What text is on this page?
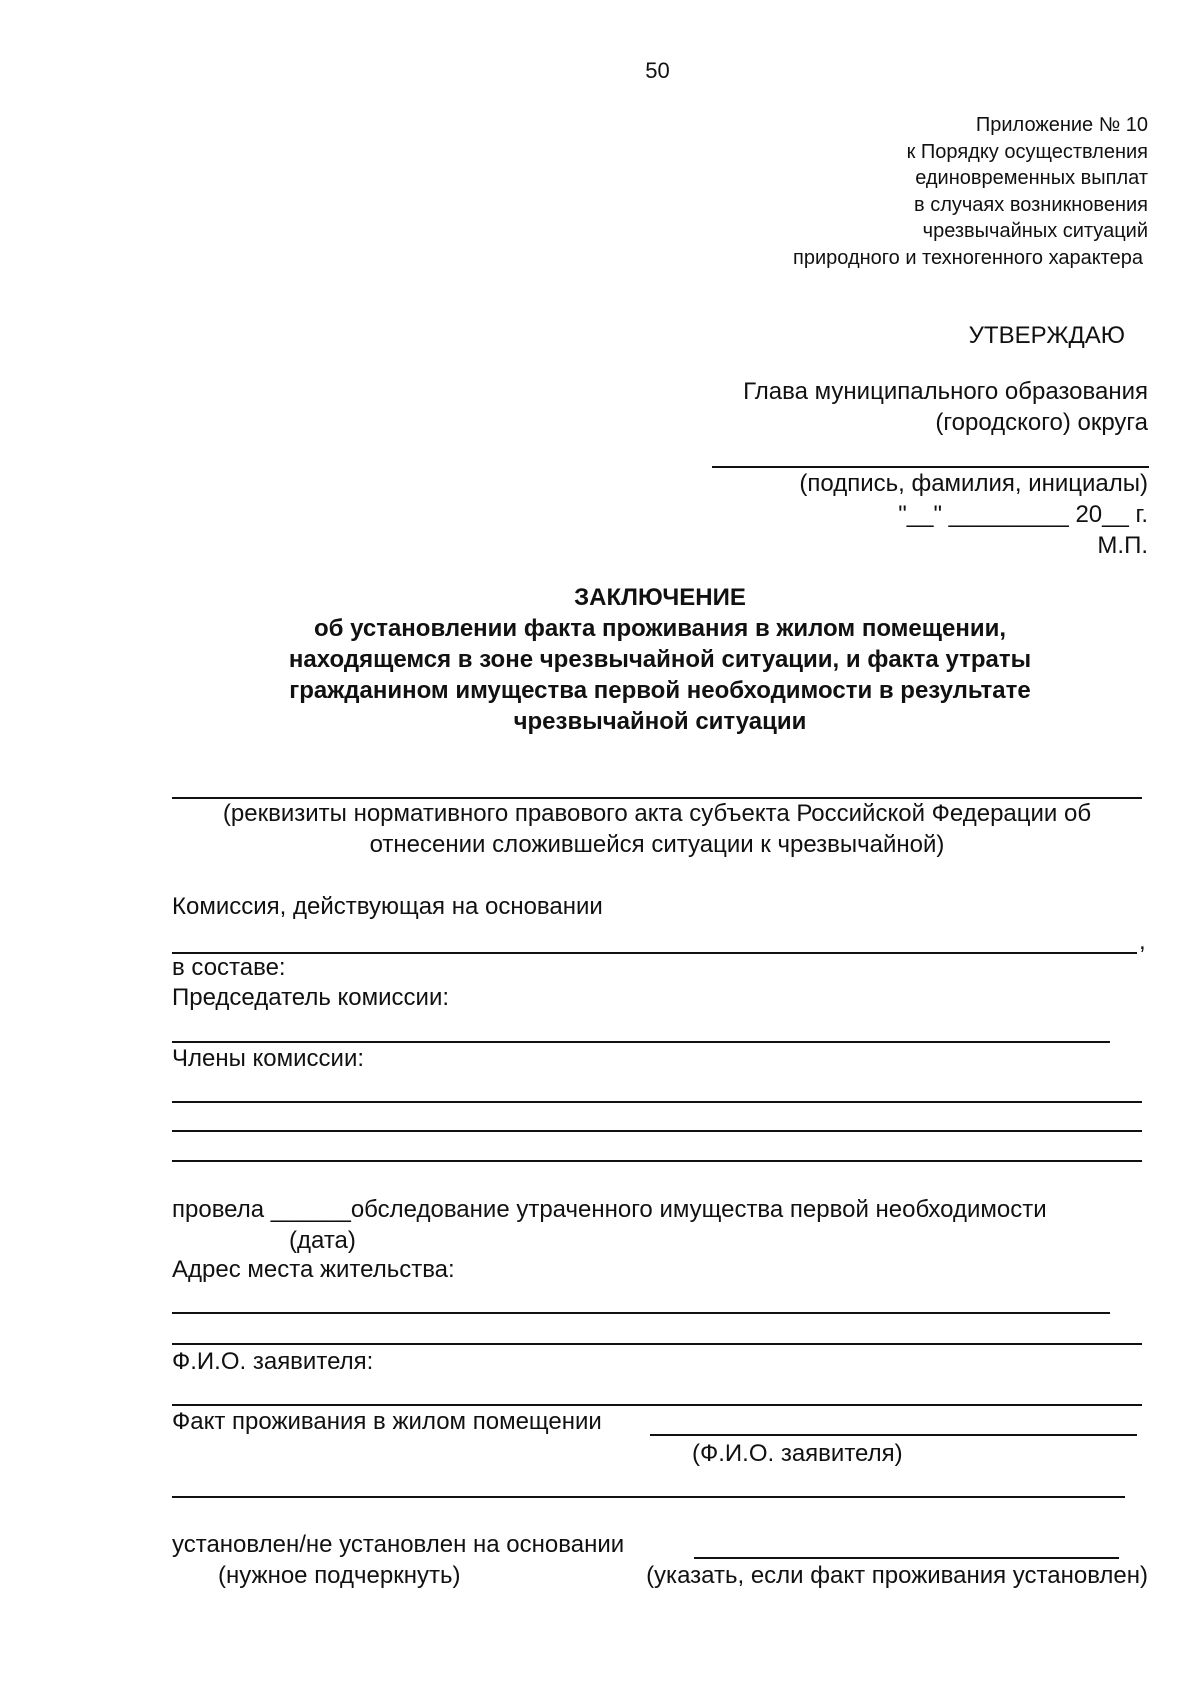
50
Приложение № 10
к Порядку осуществления
единовременных выплат
в случаях возникновения
чрезвычайных ситуаций
природного и техногенного характера
УТВЕРЖДАЮ
Глава муниципального образования
(городского) округа
(подпись, фамилия, инициалы)
"__" _________ 20__ г.
М.П.
ЗАКЛЮЧЕНИЕ
об установлении факта проживания в жилом помещении,
находящемся в зоне чрезвычайной ситуации, и факта утраты
гражданином имущества первой необходимости в результате
чрезвычайной ситуации
(реквизиты нормативного правового акта субъекта Российской Федерации об
отнесении сложившейся ситуации к чрезвычайной)
Комиссия, действующая на основании
,
в составе:
Председатель комиссии:
Члены комиссии:
провела ______обследование утраченного имущества первой необходимости
(дата)
Адрес места жительства:
Ф.И.О. заявителя:
Факт проживания в жилом помещении
(Ф.И.О. заявителя)
установлен/не установлен на основании
(нужное подчеркнуть)	(указать, если факт проживания установлен)
